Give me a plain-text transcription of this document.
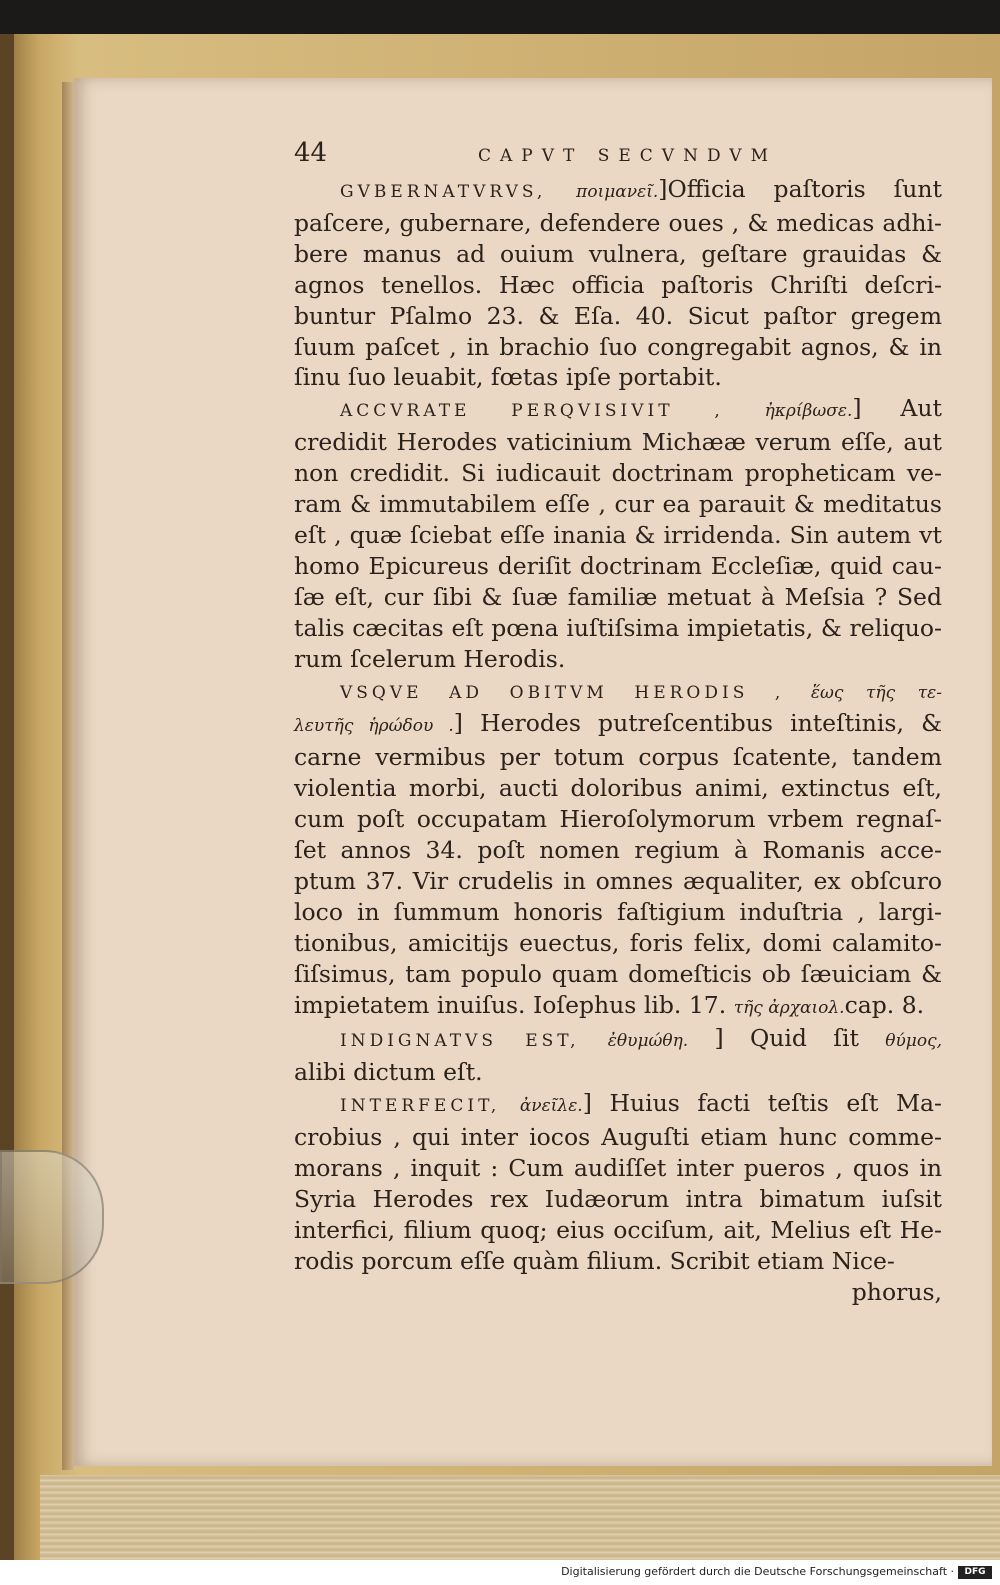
44	CAPVT SECVNDVM
GVBERNATVRVS, ποιμανεῖ.]Officia paſtoris ſunt
paſcere, gubernare, defendere oues , & medicas adhi-
bere manus ad ouium vulnera, geſtare grauidas &
agnos tenellos. Hæc officia paſtoris Chriſti deſcri-
buntur Pſalmo 23. & Eſa. 40. Sicut paſtor gregem
ſuum paſcet , in brachio ſuo congregabit agnos, & in
ſinu ſuo leuabit, fœtas ipſe portabit.
ACCVRATE PERQVISIVIT , ἠκρίβωσε.] Aut
credidit Herodes vaticinium Michææ verum eſſe, aut
non credidit. Si iudicauit doctrinam propheticam ve-
ram & immutabilem eſſe , cur ea parauit & meditatus
eſt , quæ ſciebat eſſe inania & irridenda. Sin autem vt
homo Epicureus deriſit doctrinam Eccleſiæ, quid cau-
ſæ eſt, cur ſibi & ſuæ familiæ metuat à Meſsia ? Sed
talis cæcitas eſt pœna iuſtiſsima impietatis, & reliquo-
rum ſcelerum Herodis.
VSQVE AD OBITVM HERODIS , ἕως τῆς τε-
λευτῆς ἡρώδου .] Herodes putreſcentibus inteſtinis, &
carne vermibus per totum corpus ſcatente, tandem
violentia morbi, aucti doloribus animi, extinctus eſt,
cum poſt occupatam Hieroſolymorum vrbem regnaſ-
ſet annos 34. poſt nomen regium à Romanis acce-
ptum 37. Vir crudelis in omnes æqualiter, ex obſcuro
loco in ſummum honoris faſtigium induſtria , largi-
tionibus, amicitijs euectus, foris felix, domi calamito-
ſiſsimus, tam populo quam domeſticis ob ſæuiciam &
impietatem inuiſus. Ioſephus lib. 17. τῆς ἀρχαιολ.cap. 8.
INDIGNATVS EST, ἐθυμώθη. ] Quid ſit θύμος,
alibi dictum eſt.
INTERFECIT, ἀνεῖλε.] Huius facti teſtis eſt Ma-
crobius , qui inter iocos Auguſti etiam hunc comme-
morans , inquit : Cum audiſſet inter pueros , quos in
Syria Herodes rex Iudæorum intra bimatum iuſsit
interfici, filium quoq; eius occiſum, ait, Melius eſt He-
rodis porcum eſſe quàm filium. Scribit etiam Nice-
phorus,
Digitalisierung gefördert durch die Deutsche Forschungsgemeinschaft ·	DFG
